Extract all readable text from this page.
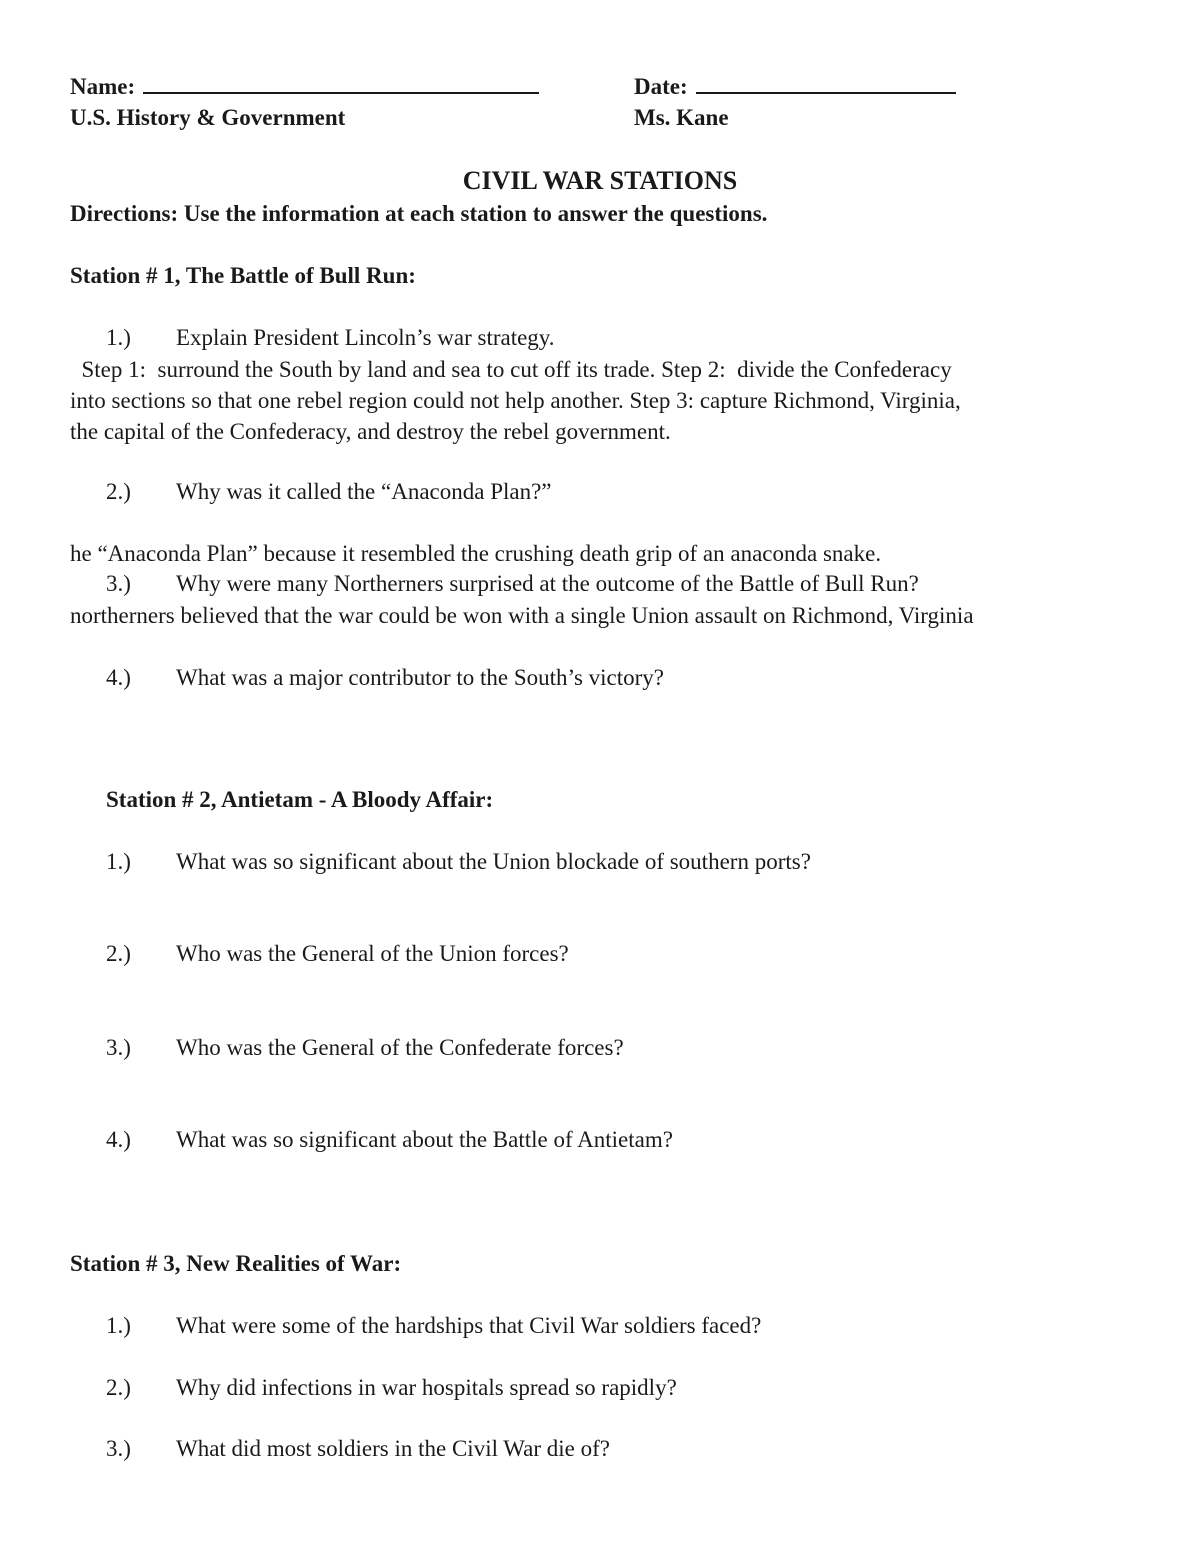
Name:	Date:
U.S. History & Government	Ms. Kane
CIVIL WAR STATIONS
Directions: Use the information at each station to answer the questions.
Station # 1, The Battle of Bull Run:
1.) Explain President Lincoln’s war strategy.
Step 1:  surround the South by land and sea to cut off its trade. Step 2:  divide the Confederacy
into sections so that one rebel region could not help another. Step 3: capture Richmond, Virginia,
the capital of the Confederacy, and destroy the rebel government.
2.) Why was it called the “Anaconda Plan?”
he “Anaconda Plan” because it resembled the crushing death grip of an anaconda snake.
3.) Why were many Northerners surprised at the outcome of the Battle of Bull Run?
northerners believed that the war could be won with a single Union assault on Richmond, Virginia
4.) What was a major contributor to the South’s victory?
Station # 2, Antietam - A Bloody Affair:
1.) What was so significant about the Union blockade of southern ports?
2.) Who was the General of the Union forces?
3.) Who was the General of the Confederate forces?
4.) What was so significant about the Battle of Antietam?
Station # 3, New Realities of War:
1.) What were some of the hardships that Civil War soldiers faced?
2.) Why did infections in war hospitals spread so rapidly?
3.) What did most soldiers in the Civil War die of?
